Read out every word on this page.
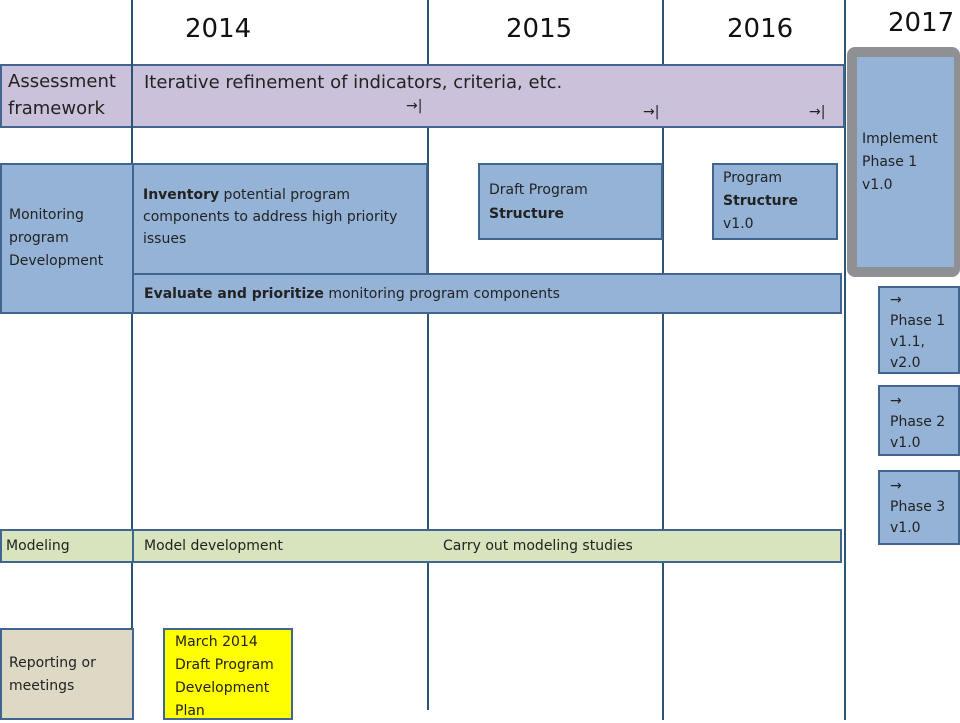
2014	2015	2016	2017
Assessment framework
Iterative refinement of indicators, criteria, etc.
→|	→|	→|
Implement
Phase 1
v1.0
Monitoring program Development
Inventory potential program components to address high priority issues
Draft Program
Structure
Program
Structure
v1.0
Evaluate and prioritize monitoring program components	→
Phase 1
v1.1,
v2.0
→
Phase 2
v1.0
→
Phase 3
v1.0
Modeling	Model development	Carry out modeling studies
Reporting or meetings
March 2014
Draft Program
Development
Plan
